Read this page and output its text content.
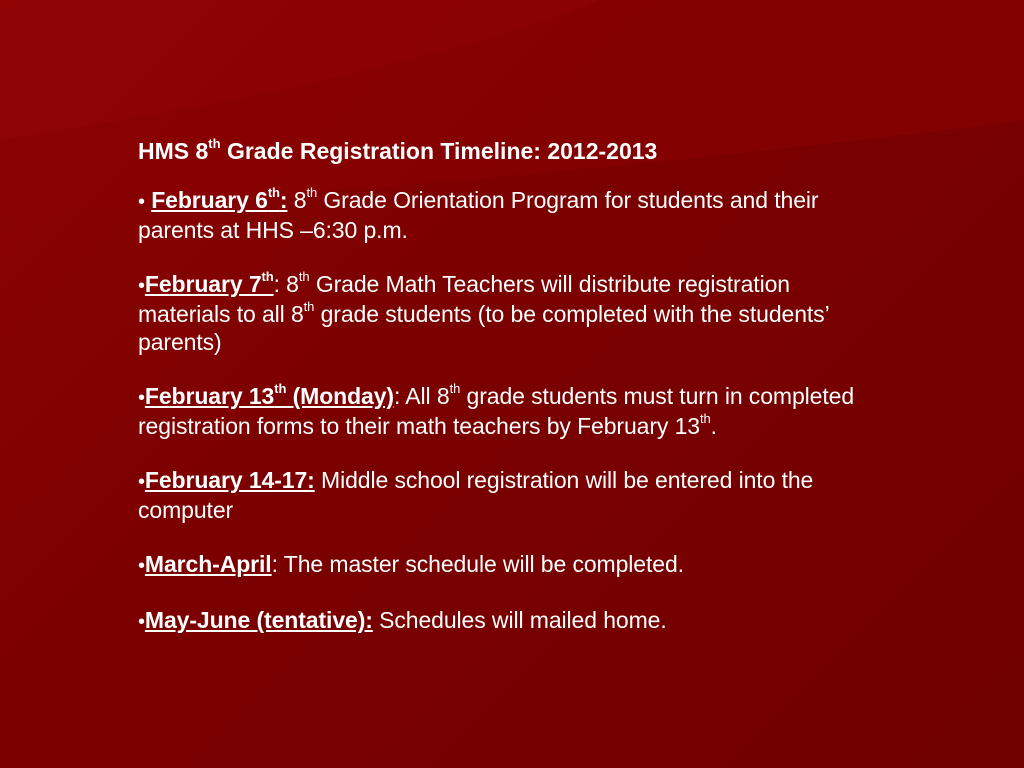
HMS 8th Grade Registration Timeline: 2012-2013
• February 6th: 8th Grade Orientation Program for students and their parents at HHS –6:30 p.m.
•February 7th: 8th Grade Math Teachers will distribute registration materials to all 8th grade students (to be completed with the students’ parents)
•February 13th (Monday): All 8th grade students must turn in completed registration forms to their math teachers by February 13th.
•February 14-17: Middle school registration will be entered into the computer
•March-April: The master schedule will be completed.
•May-June (tentative): Schedules will mailed home.
